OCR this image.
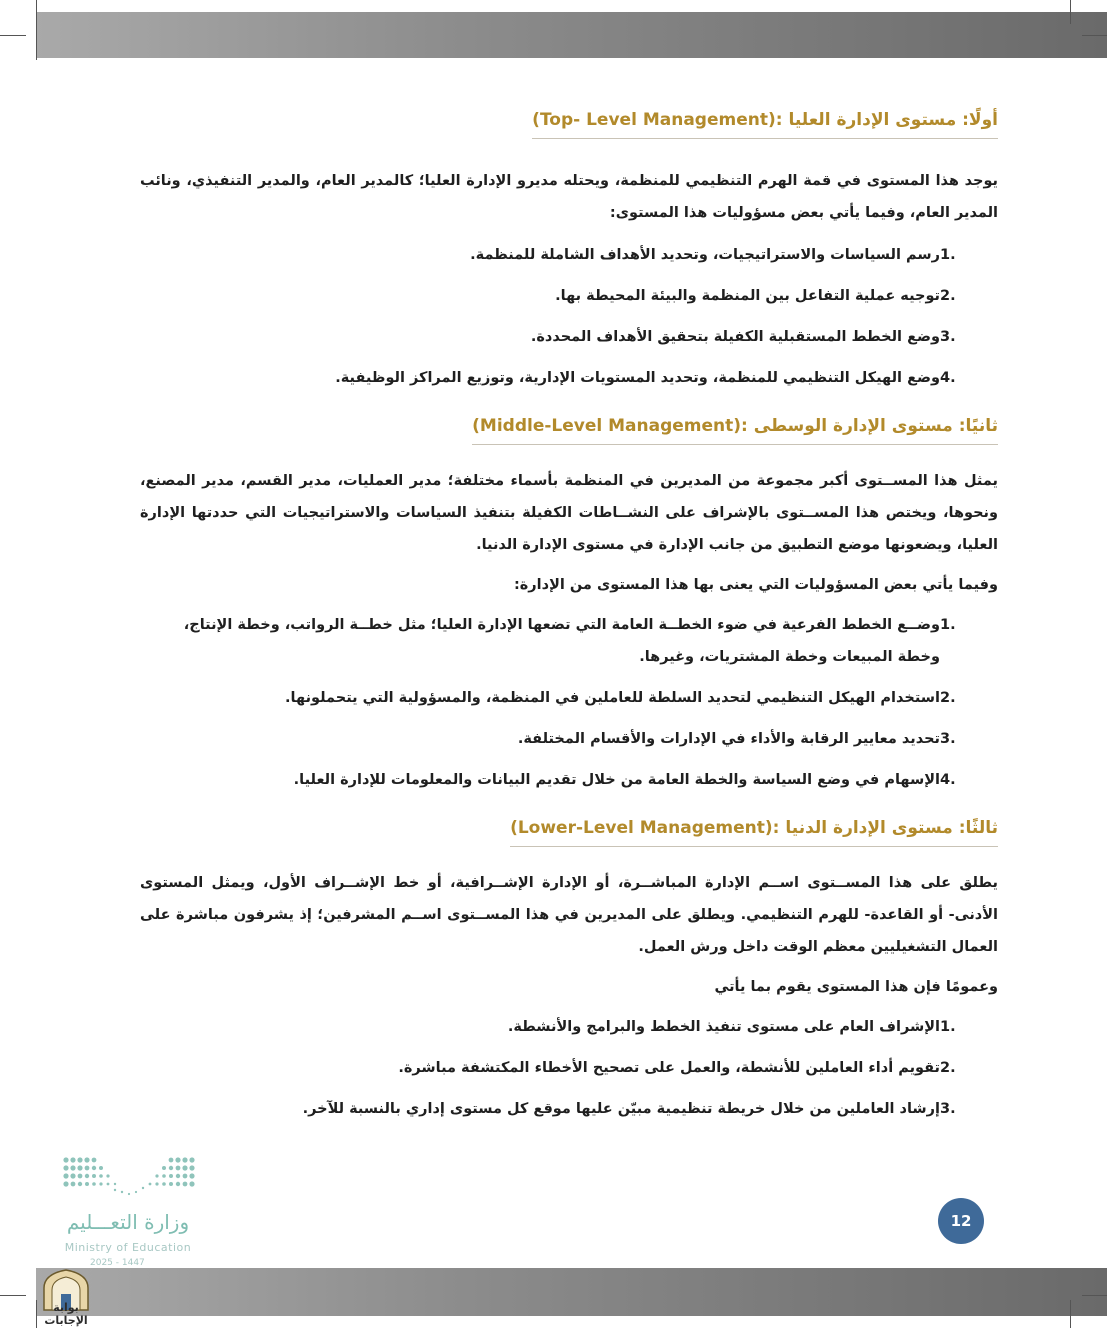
أولًا: مستوى الإدارة العليا (Top- Level Management):

يوجد هذا المستوى في قمة الهرم التنظيمي للمنظمة، ويحتله مديرو الإدارة العليا؛ كالمدير العام، والمدير التنفيذي، ونائب المدير العام، وفيما يأتي بعض مسؤوليات هذا المستوى:

1.
رسم السياسات والاستراتيجيات، وتحديد الأهداف الشاملة للمنظمة.
2.
توجيه عملية التفاعل بين المنظمة والبيئة المحيطة بها.
3.
وضع الخطط المستقبلية الكفيلة بتحقيق الأهداف المحددة.
4.
وضع الهيكل التنظيمي للمنظمة، وتحديد المستويات الإدارية، وتوزيع المراكز الوظيفية.
ثانيًا: مستوى الإدارة الوسطى (Middle-Level Management):

يمثل هذا المســتوى أكبر مجموعة من المديرين في المنظمة بأسماء مختلفة؛ مدير العمليات، مدير القسم، مدير المصنع، ونحوها، ويختص هذا المســتوى بالإشراف على النشــاطات الكفيلة بتنفيذ السياسات والاستراتيجيات التي حددتها الإدارة العليا، ويضعونها موضع التطبيق من جانب الإدارة في مستوى الإدارة الدنيا.

وفيما يأتي بعض المسؤوليات التي يعنى بها هذا المستوى من الإدارة:

1.
وضــع الخطط الفرعية في ضوء الخطــة العامة التي تضعها الإدارة العليا؛ مثل خطــة الرواتب، وخطة الإنتاج، وخطة المبيعات وخطة المشتريات، وغيرها.
2.
استخدام الهيكل التنظيمي لتحديد السلطة للعاملين في المنظمة، والمسؤولية التي يتحملونها.
3.
تحديد معايير الرقابة والأداء في الإدارات والأقسام المختلفة.
4.
الإسهام في وضع السياسة والخطة العامة من خلال تقديم البيانات والمعلومات للإدارة العليا.
ثالثًا: مستوى الإدارة الدنيا (Lower-Level Management):

يطلق على هذا المســتوى اســم الإدارة المباشــرة، أو الإدارة الإشــرافية، أو خط الإشــراف الأول، ويمثل المستوى الأدنى- أو القاعدة- للهرم التنظيمي. ويطلق على المديرين في هذا المســتوى اســم المشرفين؛ إذ يشرفون مباشرة على العمال التشغيليين معظم الوقت داخل ورش العمل.

وعمومًا فإن هذا المستوى يقوم بما يأتي

1.
الإشراف العام على مستوى تنفيذ الخطط والبرامج والأنشطة.
2.
تقويم أداء العاملين للأنشطة، والعمل على تصحيح الأخطاء المكتشفة مباشرة.
3.
إرشاد العاملين من خلال خريطة تنظيمية مبيّن عليها موقع كل مستوى إداري بالنسبة للآخر.
12
وزارة التعـــليم
Ministry of Education
2025 - 1447
بوابة الإجابات
